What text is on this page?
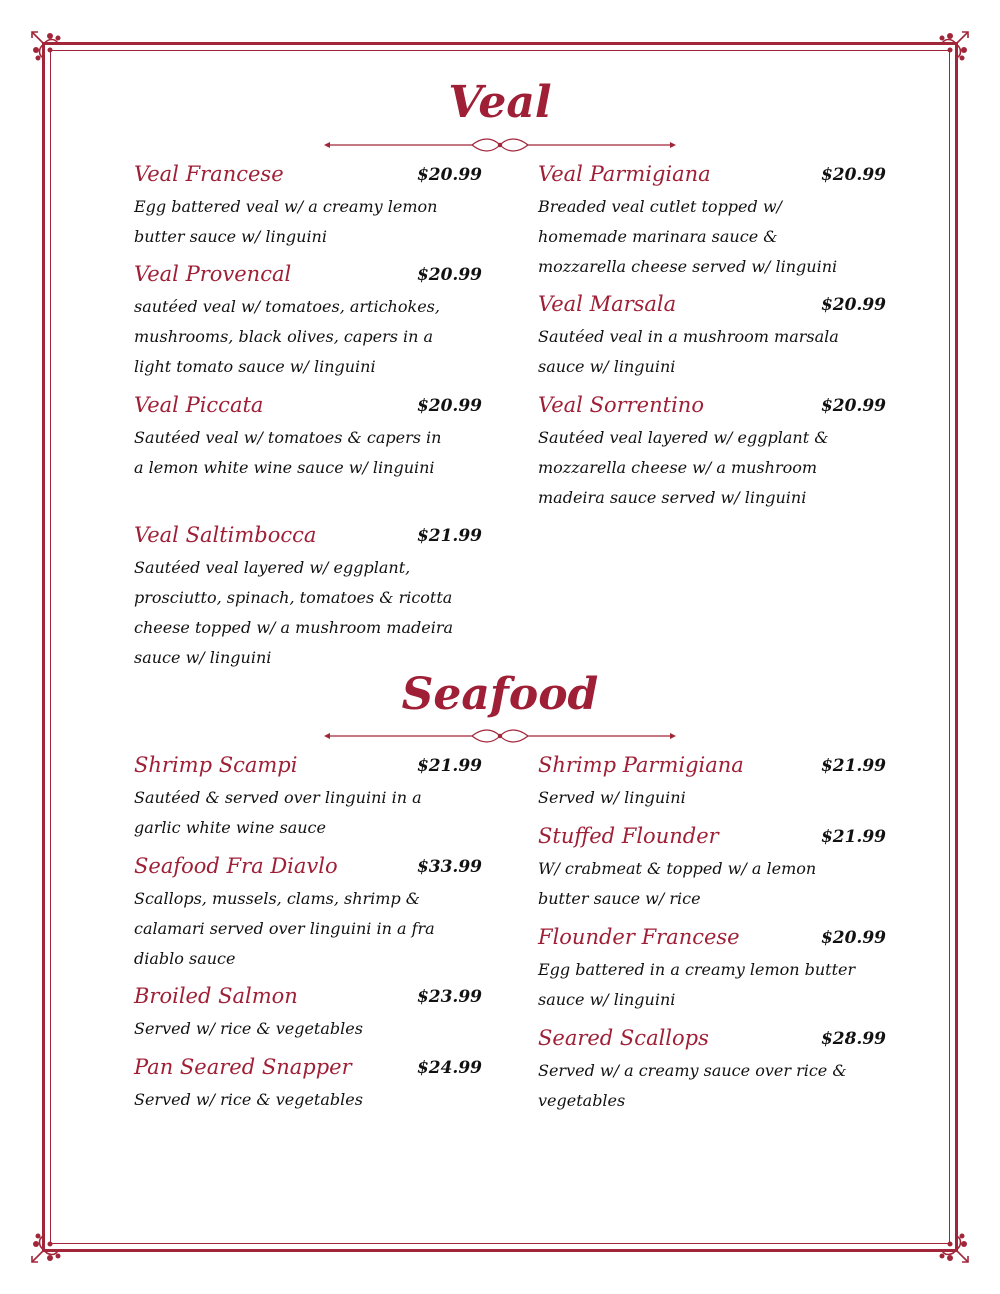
Veal
Veal Francese	$20.99
Egg battered veal w/ a creamy lemon butter sauce w/ linguini
Veal Provencal	$20.99
sautéed veal w/ tomatoes, artichokes, mushrooms, black olives, capers in a light tomato sauce w/ linguini
Veal Piccata	$20.99
Sautéed veal w/ tomatoes & capers in a lemon white wine sauce w/ linguini
Veal Saltimbocca	$21.99
Sautéed veal layered w/ eggplant, prosciutto, spinach, tomatoes & ricotta cheese topped w/ a mushroom madeira sauce w/ linguini
Veal Parmigiana	$20.99
Breaded veal cutlet topped w/ homemade marinara sauce & mozzarella cheese served w/ linguini
Veal Marsala	$20.99
Sautéed veal in a mushroom marsala sauce w/ linguini
Veal Sorrentino	$20.99
Sautéed veal layered w/ eggplant & mozzarella cheese w/ a mushroom madeira sauce served w/ linguini
Seafood
Shrimp Scampi	$21.99
Sautéed & served over linguini in a garlic white wine sauce
Seafood Fra Diavlo	$33.99
Scallops, mussels, clams, shrimp & calamari served over linguini in a fra diablo sauce
Broiled Salmon	$23.99
Served w/ rice & vegetables
Pan Seared Snapper	$24.99
Served w/ rice & vegetables
Shrimp Parmigiana	$21.99
Served w/ linguini
Stuffed Flounder	$21.99
W/ crabmeat & topped w/ a lemon butter sauce w/ rice
Flounder Francese	$20.99
Egg battered in a creamy lemon butter sauce w/ linguini
Seared Scallops	$28.99
Served w/ a creamy sauce over rice & vegetables
